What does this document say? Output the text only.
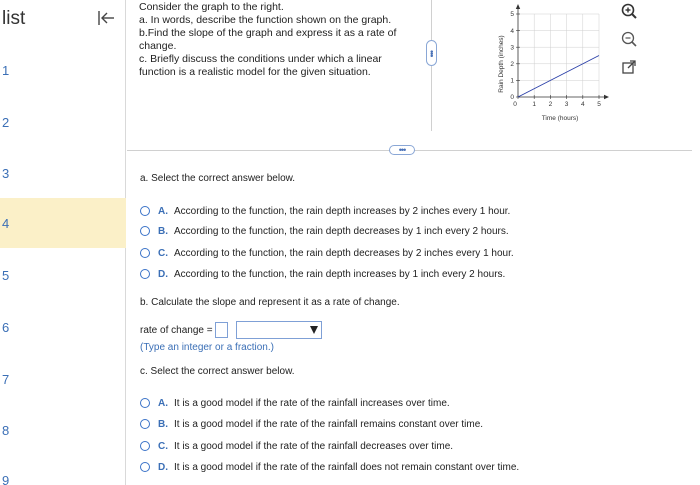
list
1
2
3
4
5
6
7
8
9
Consider the graph to the right.
a. In words, describe the function shown on the graph.
b.Find the slope of the graph and express it as a rate of change.
c. Briefly discuss the conditions under which a linear function is a realistic model for the given situation.
•••	Rain Depth (inches)
Time (hours)
0
1
2
3
4
5
0 1 2 3 4 5
•••
a. Select the correct answer below.
A. According to the function, the rain depth increases by 2 inches every 1 hour.
B. According to the function, the rain depth decreases by 1 inch every 2 hours.
C. According to the function, the rain depth decreases by 2 inches every 1 hour.
D. According to the function, the rain depth increases by 1 inch every 2 hours.
b. Calculate the slope and represent it as a rate of change.
rate of change =
(Type an integer or a fraction.)
c. Select the correct answer below.
A. It is a good model if the rate of the rainfall increases over time.
B. It is a good model if the rate of the rainfall remains constant over time.
C. It is a good model if the rate of the rainfall decreases over time.
D. It is a good model if the rate of the rainfall does not remain constant over time.
